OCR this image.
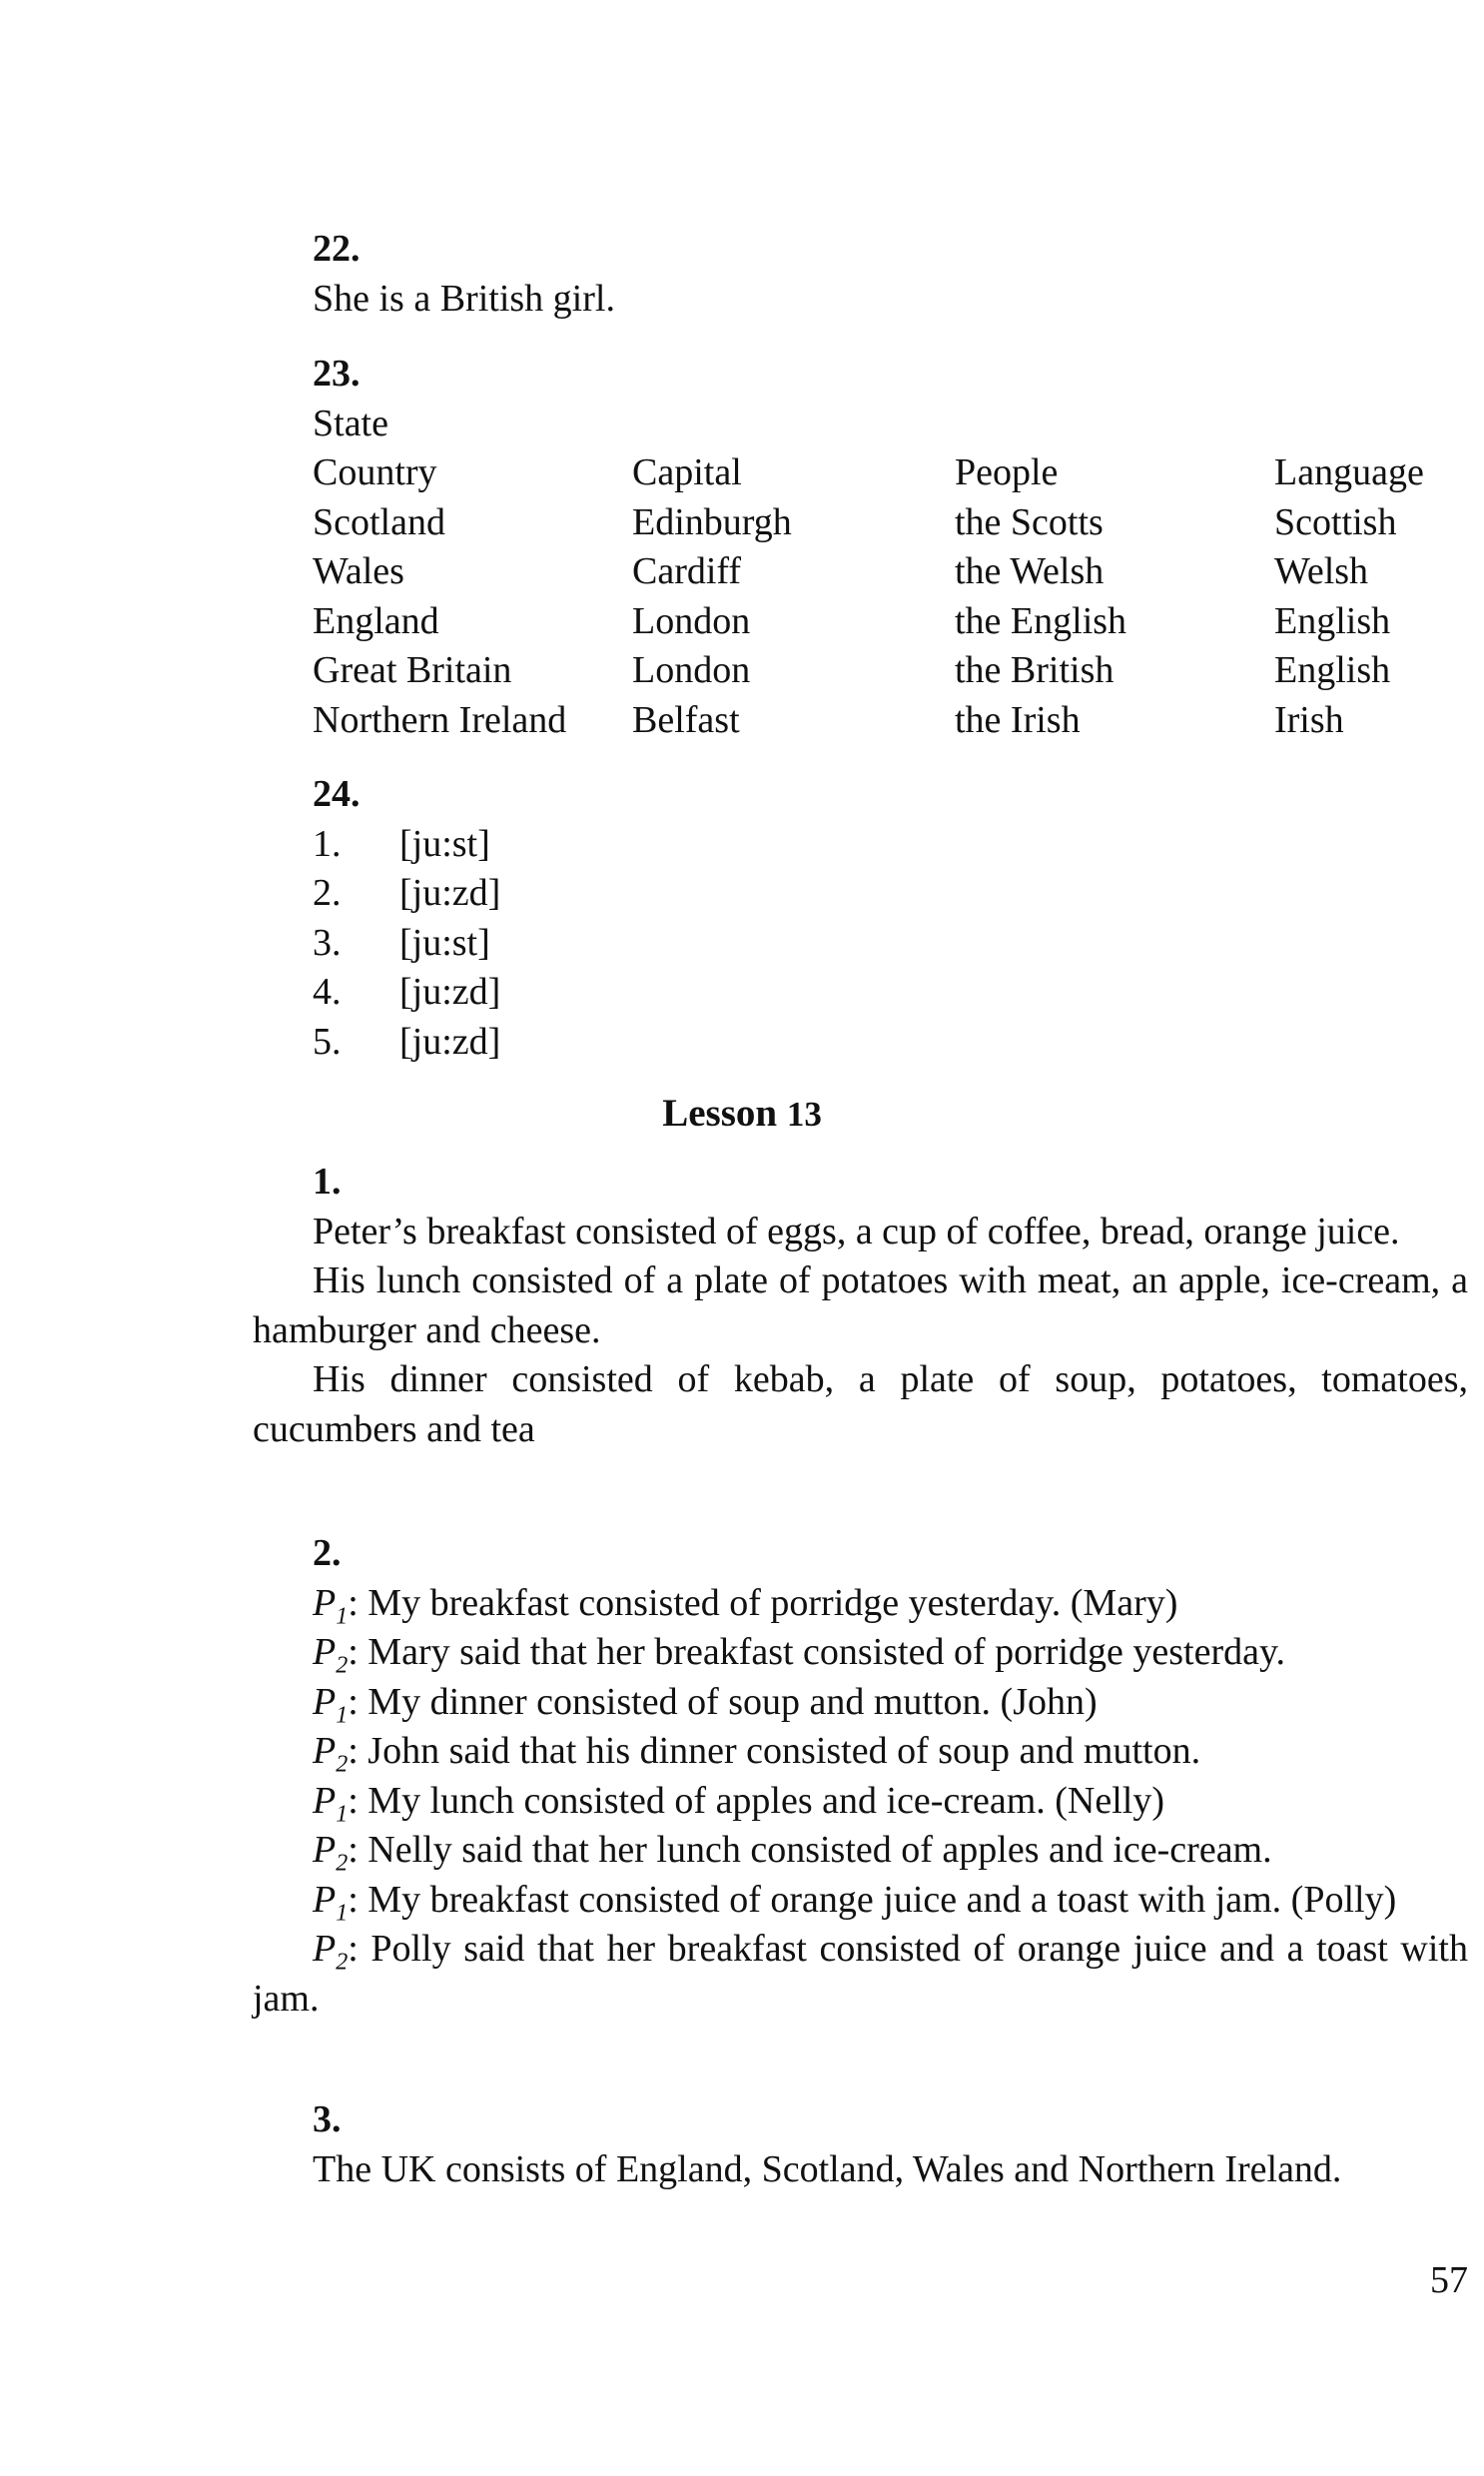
22.
She is a British girl.
23.
State
Country	Capital	People	Language
Scotland	Edinburgh	the Scotts	Scottish
Wales	Cardiff	the Welsh	Welsh
England	London	the English	English
Great Britain	London	the British	English
Northern Ireland	Belfast	the Irish	Irish
24.
1.	[ju:st]
2.	[ju:zd]
3.	[ju:st]
4.	[ju:zd]
5.	[ju:zd]
Lesson 13
1.

Peter’s breakfast consisted of eggs, a cup of coffee, bread, orange juice.

His lunch consisted of a plate of potatoes with meat, an apple, ice-cream, a hamburger and cheese.

His dinner consisted of kebab, a plate of soup, potatoes, tomatoes, cucumbers and tea

2.

$P_1$: My breakfast consisted of porridge yesterday. (Mary)

$P_2$: Mary said that her breakfast consisted of porridge yesterday.

$P_1$: My dinner consisted of soup and mutton. (John)

$P_2$: John said that his dinner consisted of soup and mutton.

$P_1$: My lunch consisted of apples and ice-cream. (Nelly)

$P_2$: Nelly said that her lunch consisted of apples and ice-cream.

$P_1$: My breakfast consisted of orange juice and a toast with jam. (Polly)

$P_2$: Polly said that her breakfast consisted of orange juice and a toast with jam.

3.

The UK consists of England, Scotland, Wales and Northern Ireland.

57
